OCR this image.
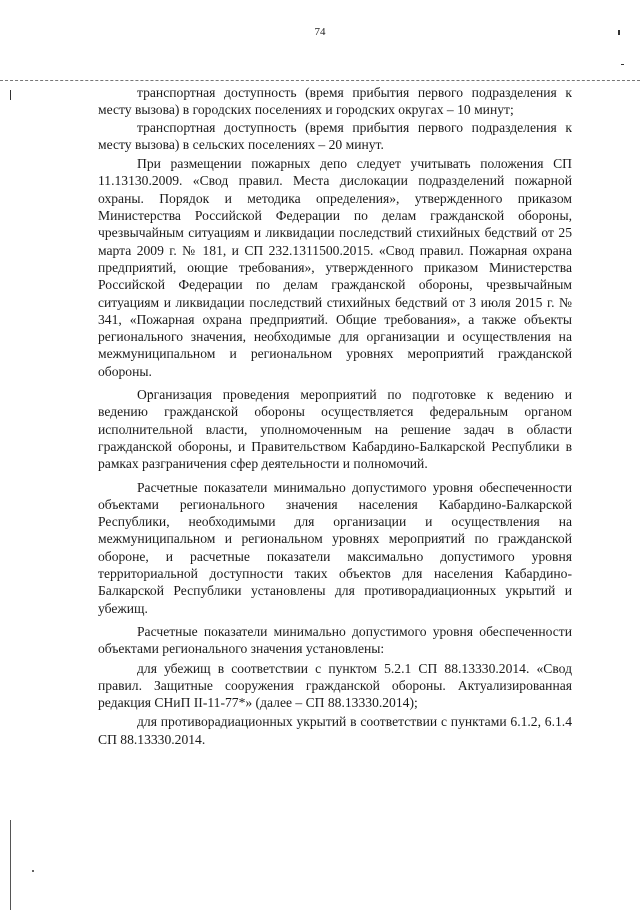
74

транспортная доступность (время прибытия первого подразделения к месту вызова) в городских поселениях и городских округах – 10 минут;

транспортная доступность (время прибытия первого подразделения к месту вызова) в сельских поселениях – 20 минут.

При размещении пожарных депо следует учитывать положения СП 11.13130.2009. «Свод правил. Места дислокации подразделений пожарной охраны. Порядок и методика определения», утвержденного приказом Министерства Российской Федерации по делам гражданской обороны, чрезвычайным ситуациям и ликвидации последствий стихийных бедствий от 25 марта 2009 г. № 181, и СП 232.1311500.2015. «Свод правил. Пожарная охрана предприятий, оющие требования», утвержденного приказом Министерства Российской Федерации по делам гражданской обороны, чрезвычайным ситуациям и ликвидации последствий стихийных бедствий от 3 июля 2015 г. № 341, «Пожарная охрана предприятий. Общие требования», а также объекты регионального значения, необходимые для организации и осуществления на межмуниципальном и региональном уровнях мероприятий гражданской обороны.

Организация проведения мероприятий по подготовке к ведению и ведению гражданской обороны осуществляется федеральным органом исполнительной власти, уполномоченным на решение задач в области гражданской обороны, и Правительством Кабардино-Балкарской Республики в рамках разграничения сфер деятельности и полномочий.

Расчетные показатели минимально допустимого уровня обеспеченности объектами регионального значения населения Кабардино-Балкарской Республики, необходимыми для организации и осуществления на межмуниципальном и региональном уровнях мероприятий по гражданской обороне, и расчетные показатели максимально допустимого уровня территориальной доступности таких объектов для населения Кабардино-Балкарской Республики установлены для противорадиационных укрытий и убежищ.

Расчетные показатели минимально допустимого уровня обеспеченности объектами регионального значения установлены:

для убежищ в соответствии с пунктом 5.2.1 СП 88.13330.2014. «Свод правил. Защитные сооружения гражданской обороны. Актуализированная редакция СНиП II-11-77*» (далее – СП 88.13330.2014);

для противорадиационных укрытий в соответствии с пунктами 6.1.2, 6.1.4 СП 88.13330.2014.
